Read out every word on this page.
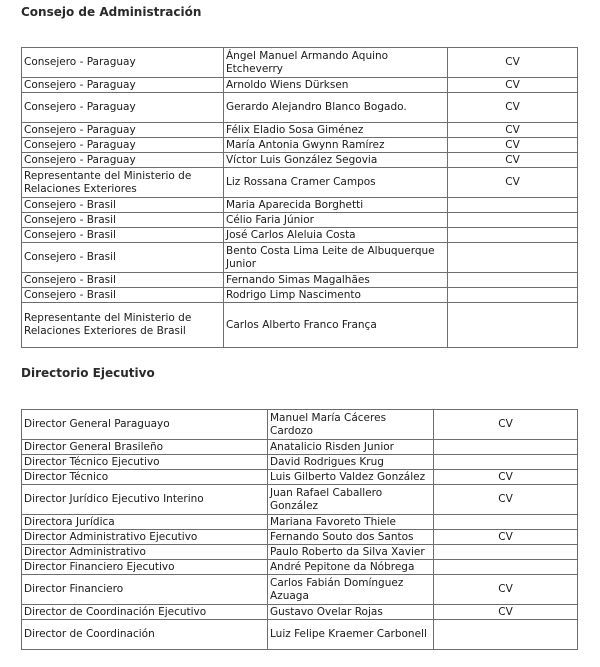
Consejo de Administración
Consejero - Paraguay	Ángel Manuel Armando Aquino Etcheverry	CV
Consejero - Paraguay	Arnoldo Wiens Dürksen	CV
Consejero - Paraguay	Gerardo Alejandro Blanco Bogado.	CV
Consejero - Paraguay	Félix Eladio Sosa Giménez	CV
Consejero - Paraguay	María Antonia Gwynn Ramírez	CV
Consejero - Paraguay	Víctor Luis González Segovia	CV
Representante del Ministerio de Relaciones Exteriores	Liz Rossana Cramer Campos	CV
Consejero - Brasil	Maria Aparecida Borghetti	
Consejero - Brasil	Célio Faria Júnior	
Consejero - Brasil	José Carlos Aleluia Costa	
Consejero - Brasil	Bento Costa Lima Leite de Albuquerque Junior	
Consejero - Brasil	Fernando Simas Magalhães	
Consejero - Brasil	Rodrigo Limp Nascimento	
Representante del Ministerio de Relaciones Exteriores de Brasil	Carlos Alberto Franco França	
Directorio Ejecutivo
Director General Paraguayo	Manuel María Cáceres Cardozo	CV
Director General Brasileño	Anatalicio Risden Junior	
Director Técnico Ejecutivo	David Rodrigues Krug	
Director Técnico	Luis Gilberto Valdez González	CV
Director Jurídico Ejecutivo Interino	Juan Rafael Caballero González	CV
Directora Jurídica	Mariana Favoreto Thiele	
Director Administrativo Ejecutivo	Fernando Souto dos Santos	CV
Director Administrativo	Paulo Roberto da Silva Xavier	
Director Financiero Ejecutivo	André Pepitone da Nóbrega	
Director Financiero	Carlos Fabián Domínguez Azuaga	CV
Director de Coordinación Ejecutivo	Gustavo Ovelar Rojas	CV
Director de Coordinación	Luiz Felipe Kraemer Carbonell	
